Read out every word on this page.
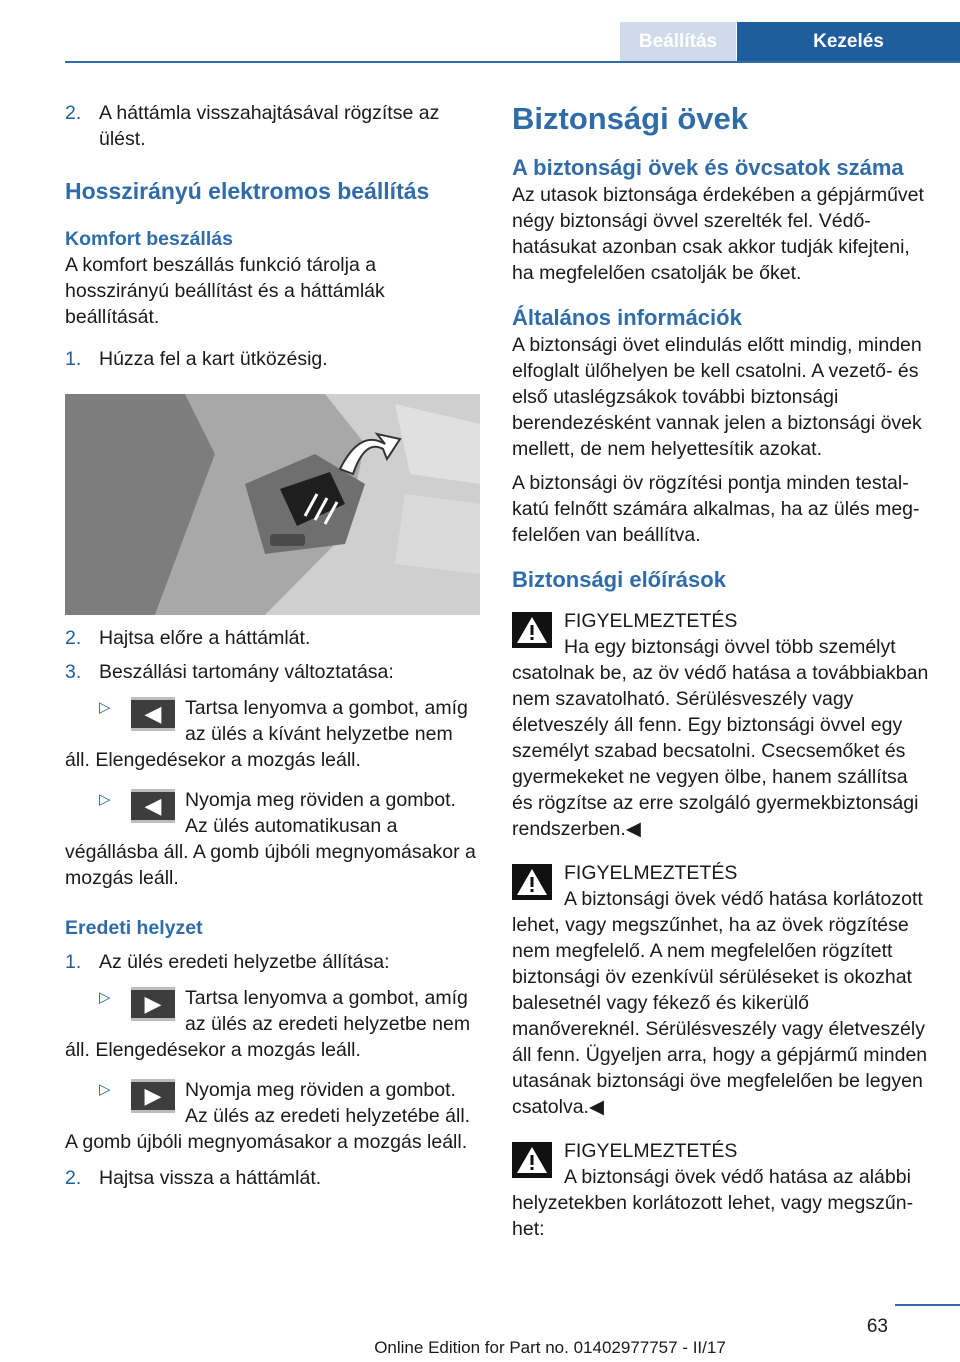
Beállítás	Kezelés
2. A háttámla visszahajtásával rögzítse az ülést.
Hosszirányú elektromos beállítás
Komfort beszállás
A komfort beszállás funkció tárolja a hosszirányú beállítást és a háttámlák beállítását.
1. Húzza fel a kart ütközésig.
2. Hajtsa előre a háttámlát.
3. Beszállási tartomány változtatása:
▷	◀	Tartsa lenyomva a gombot, amíg az ülés a kívánt helyzetbe nem áll. Elengedésekor a mozgás leáll.
▷	◀	Nyomja meg röviden a gombot. Az ülés automatikusan a végállásba áll. A gomb újbóli megnyomásakor a mozgás leáll.
Eredeti helyzet
1. Az ülés eredeti helyzetbe állítása:
▷	▶	Tartsa lenyomva a gombot, amíg az ülés az eredeti helyzetbe nem áll. Elengedésekor a mozgás leáll.
▷	▶	Nyomja meg röviden a gombot. Az ülés az eredeti helyzetébe áll. A gomb újbóli megnyomásakor a mozgás leáll.
2. Hajtsa vissza a háttámlát.
Biztonsági övek
A biztonsági övek és övcsatok száma
Az utasok biztonsága érdekében a gépjárművet négy biztonsági övvel szerelték fel. Védőhatásukat azonban csak akkor tudják kifejteni, ha megfelelően csatolják be őket.
Általános információk
A biztonsági övet elindulás előtt mindig, minden elfoglalt ülőhelyen be kell csatolni. A vezető- és első utaslégzsákok további biztonsági berendezésként vannak jelen a biztonsági övek mellett, de nem helyettesítik azokat.
A biztonsági öv rögzítési pontja minden testalkatú felnőtt számára alkalmas, ha az ülés megfelelően van beállítva.
Biztonsági előírások
FIGYELMEZTETÉS
Ha egy biztonsági övvel több személyt csatolnak be, az öv védő hatása a továbbiakban nem szavatolható. Sérülésveszély vagy életveszély áll fenn. Egy biztonsági övvel egy személyt szabad becsatolni. Csecsemőket és gyermekeket ne vegyen ölbe, hanem szállítsa és rögzítse az erre szolgáló gyermekbiztonsági rendszerben.◀
FIGYELMEZTETÉS
A biztonsági övek védő hatása korlátozott lehet, vagy megszűnhet, ha az övek rögzítése nem megfelelő. A nem megfelelően rögzített biztonsági öv ezenkívül sérüléseket is okozhat balesetnél vagy fékező és kikerülő manővereknél. Sérülésveszély vagy életveszély áll fenn. Ügyeljen arra, hogy a gépjármű minden utasának biztonsági öve megfelelően be legyen csatolva.◀
FIGYELMEZTETÉS
A biztonsági övek védő hatása az alábbi helyzetekben korlátozott lehet, vagy megszűnhet:
63
Online Edition for Part no. 01402977757 - II/17
